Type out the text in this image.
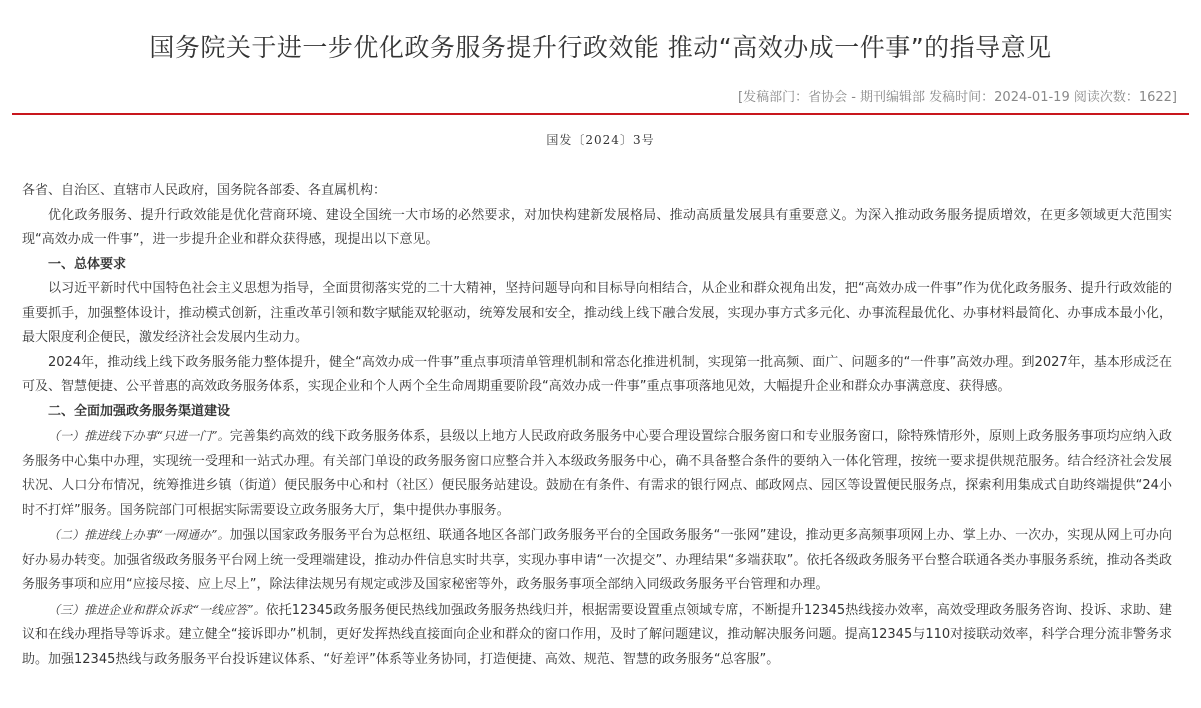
国务院关于进一步优化政务服务提升行政效能 推动“高效办成一件事”的指导意见
[发稿部门：省协会 - 期刊编辑部 发稿时间：2024-01-19 阅读次数：1622]
国发〔2024〕3号

各省、自治区、直辖市人民政府，国务院各部委、各直属机构：

优化政务服务、提升行政效能是优化营商环境、建设全国统一大市场的必然要求，对加快构建新发展格局、推动高质量发展具有重要意义。为深入推动政务服务提质增效，在更多领域更大范围实现“高效办成一件事”，进一步提升企业和群众获得感，现提出以下意见。

一、总体要求

以习近平新时代中国特色社会主义思想为指导，全面贯彻落实党的二十大精神，坚持问题导向和目标导向相结合，从企业和群众视角出发，把“高效办成一件事”作为优化政务服务、提升行政效能的重要抓手，加强整体设计，推动模式创新，注重改革引领和数字赋能双轮驱动，统筹发展和安全，推动线上线下融合发展，实现办事方式多元化、办事流程最优化、办事材料最简化、办事成本最小化，最大限度利企便民，激发经济社会发展内生动力。

2024年，推动线上线下政务服务能力整体提升，健全“高效办成一件事”重点事项清单管理机制和常态化推进机制，实现第一批高频、面广、问题多的“一件事”高效办理。到2027年，基本形成泛在可及、智慧便捷、公平普惠的高效政务服务体系，实现企业和个人两个全生命周期重要阶段“高效办成一件事”重点事项落地见效，大幅提升企业和群众办事满意度、获得感。

二、全面加强政务服务渠道建设

（一）推进线下办事“只进一门”。完善集约高效的线下政务服务体系，县级以上地方人民政府政务服务中心要合理设置综合服务窗口和专业服务窗口，除特殊情形外，原则上政务服务事项均应纳入政务服务中心集中办理，实现统一受理和一站式办理。有关部门单设的政务服务窗口应整合并入本级政务服务中心，确不具备整合条件的要纳入一体化管理，按统一要求提供规范服务。结合经济社会发展状况、人口分布情况，统筹推进乡镇（街道）便民服务中心和村（社区）便民服务站建设。鼓励在有条件、有需求的银行网点、邮政网点、园区等设置便民服务点，探索利用集成式自助终端提供“24小时不打烊”服务。国务院部门可根据实际需要设立政务服务大厅，集中提供办事服务。

（二）推进线上办事“一网通办”。加强以国家政务服务平台为总枢纽、联通各地区各部门政务服务平台的全国政务服务“一张网”建设，推动更多高频事项网上办、掌上办、一次办，实现从网上可办向好办易办转变。加强省级政务服务平台网上统一受理端建设，推动办件信息实时共享，实现办事申请“一次提交”、办理结果“多端获取”。依托各级政务服务平台整合联通各类办事服务系统，推动各类政务服务事项和应用“应接尽接、应上尽上”，除法律法规另有规定或涉及国家秘密等外，政务服务事项全部纳入同级政务服务平台管理和办理。

（三）推进企业和群众诉求“一线应答”。依托12345政务服务便民热线加强政务服务热线归并，根据需要设置重点领域专席，不断提升12345热线接办效率，高效受理政务服务咨询、投诉、求助、建议和在线办理指导等诉求。建立健全“接诉即办”机制，更好发挥热线直接面向企业和群众的窗口作用，及时了解问题建议，推动解决服务问题。提高12345与110对接联动效率，科学合理分流非警务求助。加强12345热线与政务服务平台投诉建议体系、“好差评”体系等业务协同，打造便捷、高效、规范、智慧的政务服务“总客服”。
